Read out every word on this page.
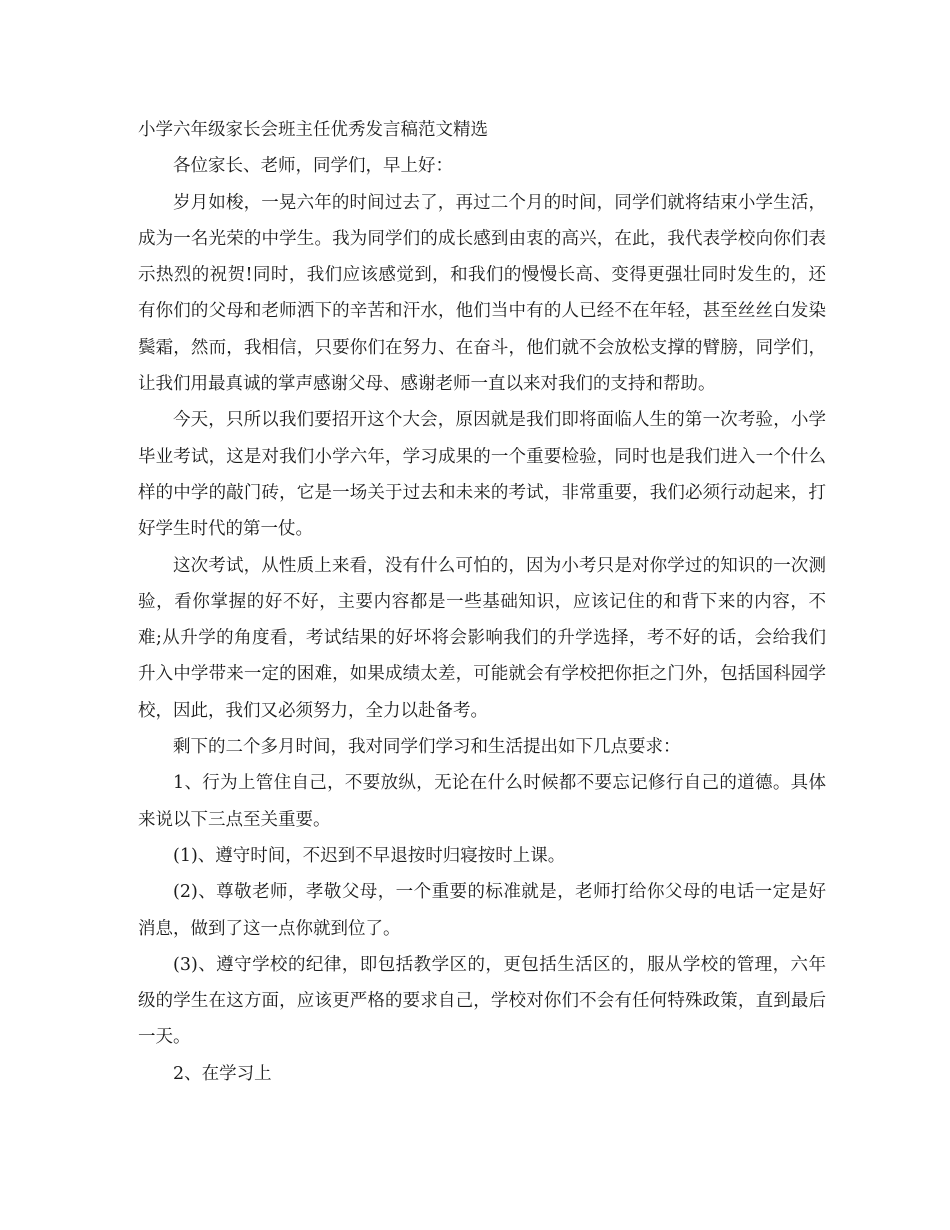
小学六年级家长会班主任优秀发言稿范文精选

各位家长、老师，同学们，早上好：

岁月如梭，一晃六年的时间过去了，再过二个月的时间，同学们就将结束小学生活，成为一名光荣的中学生。我为同学们的成长感到由衷的高兴，在此，我代表学校向你们表示热烈的祝贺!同时，我们应该感觉到，和我们的慢慢长高、变得更强壮同时发生的，还有你们的父母和老师洒下的辛苦和汗水，他们当中有的人已经不在年轻，甚至丝丝白发染鬓霜，然而，我相信，只要你们在努力、在奋斗，他们就不会放松支撑的臂膀，同学们，让我们用最真诚的掌声感谢父母、感谢老师一直以来对我们的支持和帮助。

今天，只所以我们要招开这个大会，原因就是我们即将面临人生的第一次考验，小学毕业考试，这是对我们小学六年，学习成果的一个重要检验，同时也是我们进入一个什么样的中学的敲门砖，它是一场关于过去和未来的考试，非常重要，我们必须行动起来，打好学生时代的第一仗。

这次考试，从性质上来看，没有什么可怕的，因为小考只是对你学过的知识的一次测验，看你掌握的好不好，主要内容都是一些基础知识，应该记住的和背下来的内容，不难;从升学的角度看，考试结果的好坏将会影响我们的升学选择，考不好的话，会给我们升入中学带来一定的困难，如果成绩太差，可能就会有学校把你拒之门外，包括国科园学校，因此，我们又必须努力，全力以赴备考。

剩下的二个多月时间，我对同学们学习和生活提出如下几点要求：

1、行为上管住自己，不要放纵，无论在什么时候都不要忘记修行自己的道德。具体来说以下三点至关重要。

(1)、遵守时间，不迟到不早退按时归寝按时上课。

(2)、尊敬老师，孝敬父母，一个重要的标准就是，老师打给你父母的电话一定是好消息，做到了这一点你就到位了。

(3)、遵守学校的纪律，即包括教学区的，更包括生活区的，服从学校的管理，六年级的学生在这方面，应该更严格的要求自己，学校对你们不会有任何特殊政策，直到最后一天。

2、在学习上
